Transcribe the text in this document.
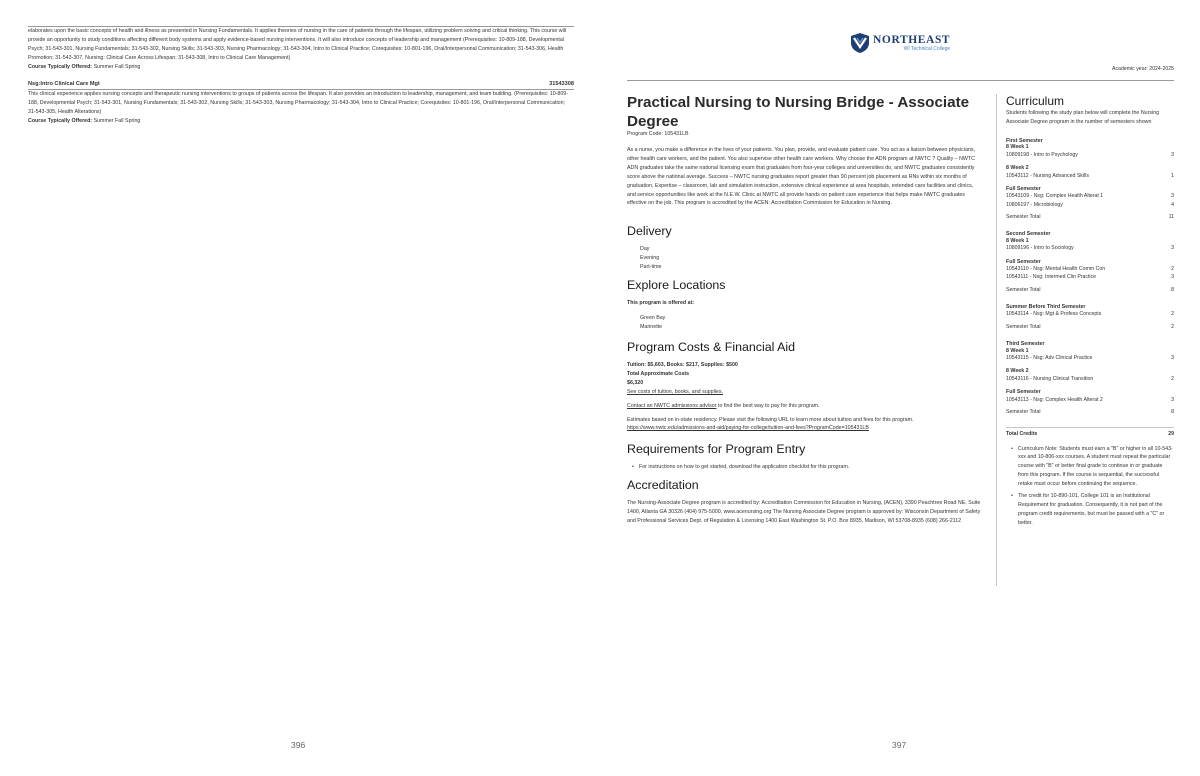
elaborates upon the basic concepts of health and illness as presented in Nursing Fundamentals. It applies theories of nursing in the care of patients through the lifespan, utilizing problem solving and critical thinking. This course will provide an opportunity to study conditions affecting different body systems and apply evidence-based nursing interventions. It will also introduce concepts of leadership and management (Prerequisites: 10-809-188, Developmental Psych; 31-543-301, Nursing Fundamentals; 31-543-302, Nursing Skills; 31-543-303, Nursing Pharmacology; 31-543-304, Intro to Clinical Practice; Corequisites: 10-801-196, Oral/Interpersonal Communication; 31-543-306, Health Promotion; 31-543-307, Nursing: Clinical Care Across Lifespan; 31-543-308, Intro to Clinical Care Management)
Course Typically Offered: Summer Fall Spring
Nsg:Intro Clinical Care Mgt	31543308
This clinical experience applies nursing concepts and therapeutic nursing interventions to groups of patients across the lifespan. It also provides an introduction to leadership, management, and team building. (Prerequisites: 10-809-188, Developmental Psych; 31-543-301, Nursing Fundamentals; 31-543-302, Nursing Skills; 31-543-303, Nursing Pharmacology; 31-543-304, Intro to Clinical Practice; Corequisites: 10-801-196, Oral/Interpersonal Communication; 31-543-305, Health Alterations)
Course Typically Offered: Summer Fall Spring
396
NORTHEAST
WI Technical College
Academic year: 2024-2025
Practical Nursing to Nursing Bridge - Associate Degree
Program Code: 105431LB
As a nurse, you make a difference in the lives of your patients. You plan, provide, and evaluate patient care. You act as a liaison between physicians, other health care workers, and the patient. You also supervise other health care workers. Why choose the ADN program at NWTC ? Quality – NWTC ADN graduates take the same national licensing exam that graduates from four-year colleges and universities do, and NWTC graduates consistently score above the national average. Success – NWTC nursing graduates report greater than 90 percent job placement as RNs within six months of graduation. Expertise – classroom, lab and simulation instruction, extensive clinical experience at area hospitals, extended care facilities and clinics, and service opportunities like work at the N.E.W. Clinic at NWTC all provide hands on patient care experience that helps make NWTC graduates effective on the job. This program is accredited by the ACEN: Accreditation Commission for Education in Nursing.
Delivery
Day
Evening
Part-time
Explore Locations
This program is offered at:
Green Bay
Marinette
Program Costs & Financial Aid
Tuition: $5,603, Books: $217, Supplies: $500
Total Approximate Costs
$6,320
See costs of tuition, books, and supplies.
Contact an NWTC admissions advisor to find the best way to pay for this program.
Estimates based on in-state residency. Please visit the following URL to learn more about tuition and fees for this program.
https://www.nwtc.edu/admissions-and-aid/paying-for-college/tuition-and-fees?ProgramCode=105431LB
Requirements for Program Entry
• For instructions on how to get started, download the application checklist for this program.
Accreditation
The Nursing-Associate Degree program is accredited by: Accreditation Commission for Education in Nursing, (ACEN), 3390 Peachtree Road NE, Suite 1400, Atlanta GA 30326 (404) 975-5000, www.acenursing.org The Nursing Associate Degree program is approved by: Wisconsin Department of Safety and Professional Services Dept. of Regulation & Licensing 1400 East Washington St. P.O. Box 8935, Madison, WI 53708-8935 (608) 266-2112
Curriculum
Students following the study plan below will complete the Nursing Associate Degree program in the number of semesters shown
First Semester
8 Week 1
10809198 - Intro to Psychology	3
8 Week 2
10543112 - Nursing Advanced Skills	1
Full Semester
10543109 - Nsg: Complex Health Alterat 1	3
10806197 - Microbiology	4
Semester Total	11
Second Semester
8 Week 1
10809196 - Intro to Sociology	3
Full Semester
10543110 - Nsg: Mental Health Comm Con	2
10543111 - Nsg: Intermed Clin Practice	3
Semester Total	8
Summer Before Third Semester
10543114 - Nsg: Mgt & Profess Concepts	2
Semester Total	2
Third Semester
8 Week 1
10543115 - Nsg: Adv Clinical Practice	3
8 Week 2
10543116 - Nursing Clinical Transition	2
Full Semester
10543113 - Nsg: Complex Health Alterat 2	3
Semester Total	8
Total Credits	29
• Curriculum Note: Students must earn a "B" or higher in all 10-543-xxx and 10-806-xxx courses. A student must repeat the particular course with "B" or better final grade to continue in or graduate from this program. If the course is sequential, the successful retake must occur before continuing the sequence.
• The credit for 10-890-101, College 101 is an Institutional Requirement for graduation. Consequently, it is not part of the program credit requirements, but must be passed with a "C" or better.
397
